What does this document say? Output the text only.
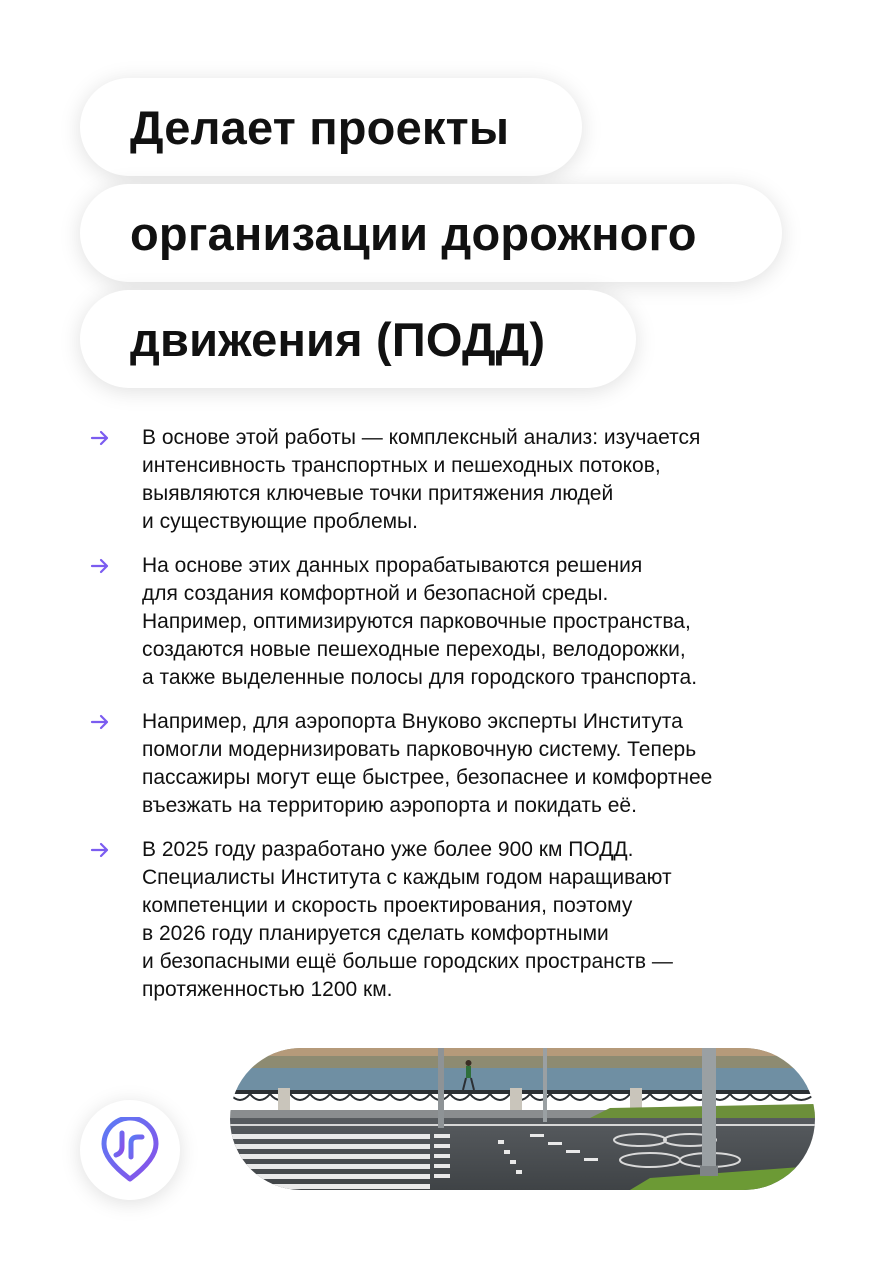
Делает проекты
организации дорожного
движения (ПОДД)
В основе этой работы — комплексный анализ: изучается
интенсивность транспортных и пешеходных потоков,
выявляются ключевые точки притяжения людей
и существующие проблемы.
На основе этих данных прорабатываются решения
для создания комфортной и безопасной среды.
Например, оптимизируются парковочные пространства,
создаются новые пешеходные переходы, велодорожки,
а также выделенные полосы для городского транспорта.
Например, для аэропорта Внуково эксперты Института
помогли модернизировать парковочную систему. Теперь
пассажиры могут еще быстрее, безопаснее и комфортнее
въезжать на территорию аэропорта и покидать её.
В 2025 году разработано уже более 900 км ПОДД.
Специалисты Института с каждым годом наращивают
компетенции и скорость проектирования, поэтому
в 2026 году планируется сделать комфортными
и безопасными ещё больше городских пространств —
протяженностью 1200 км.
